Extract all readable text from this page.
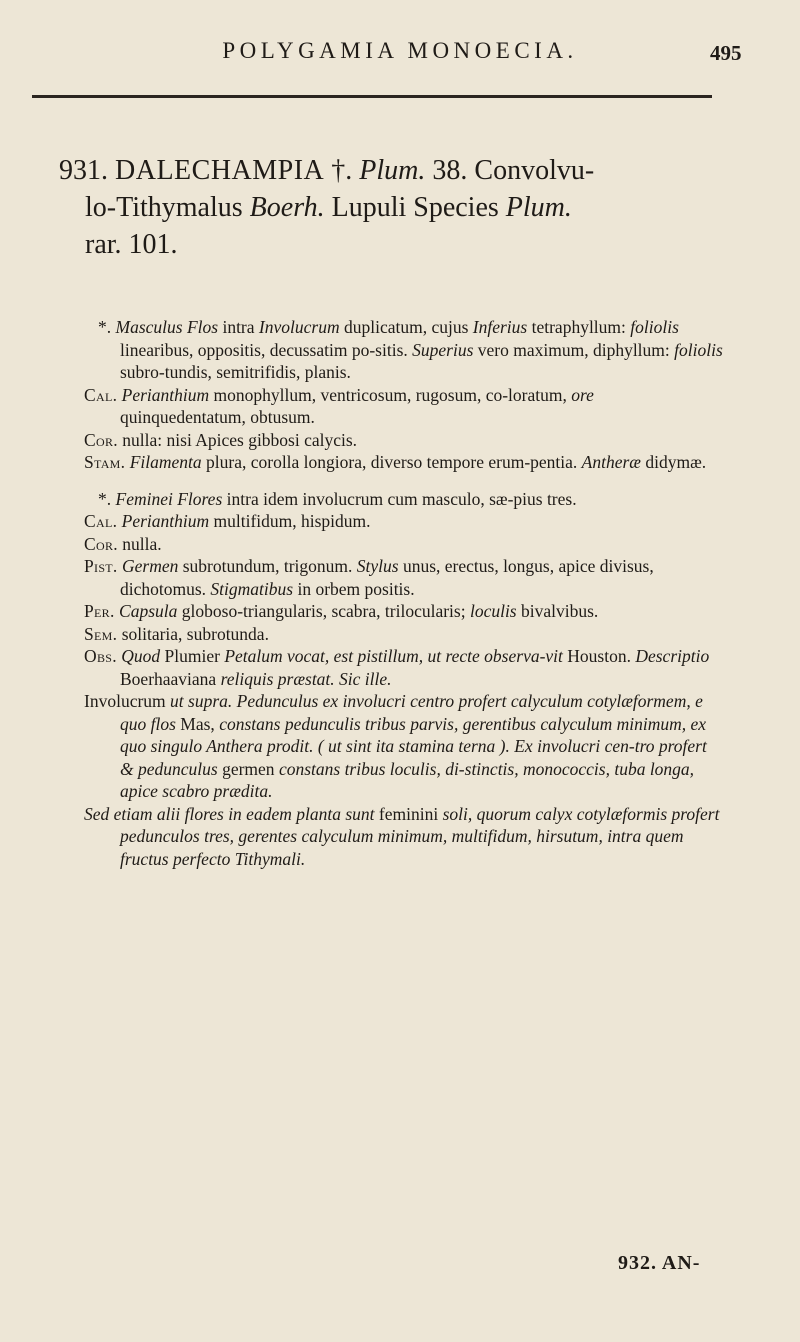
POLYGAMIA MONOECIA.	495
931. DALECHAMPIA †. Plum. 38. Convolvu-
lo-Tithymalus Boerh. Lupuli Species Plum.
rar. 101.
*. Masculus Flos intra Involucrum duplicatum, cujus Inferius tetraphyllum: foliolis linearibus, oppositis, decussatim po-sitis. Superius vero maximum, diphyllum: foliolis subro-tundis, semitrifidis, planis.
Cal. Perianthium monophyllum, ventricosum, rugosum, co-loratum, ore quinquedentatum, obtusum.
Cor. nulla: nisi Apices gibbosi calycis.
Stam. Filamenta plura, corolla longiora, diverso tempore erum-pentia. Antheræ didymæ.
*. Feminei Flores intra idem involucrum cum masculo, sæ-pius tres.
Cal. Perianthium multifidum, hispidum.
Cor. nulla.
Pist. Germen subrotundum, trigonum. Stylus unus, erectus, longus, apice divisus, dichotomus. Stigmatibus in orbem positis.
Per. Capsula globoso-triangularis, scabra, trilocularis; loculis bivalvibus.
Sem. solitaria, subrotunda.
Obs. Quod Plumier Petalum vocat, est pistillum, ut recte observa-vit Houston. Descriptio Boerhaaviana reliquis præstat. Sic ille.
Involucrum ut supra. Pedunculus ex involucri centro profert calyculum cotylæformem, e quo flos Mas, constans pedunculis tribus parvis, gerentibus calyculum minimum, ex quo singulo Anthera prodit. ( ut sint ita stamina terna ). Ex involucri cen-tro profert & pedunculus germen constans tribus loculis, di-stinctis, monococcis, tuba longa, apice scabro prædita.
Sed etiam alii flores in eadem planta sunt feminini soli, quorum calyx cotylæformis profert pedunculos tres, gerentes calyculum minimum, multifidum, hirsutum, intra quem fructus perfecto Tithymali.
932. AN-
